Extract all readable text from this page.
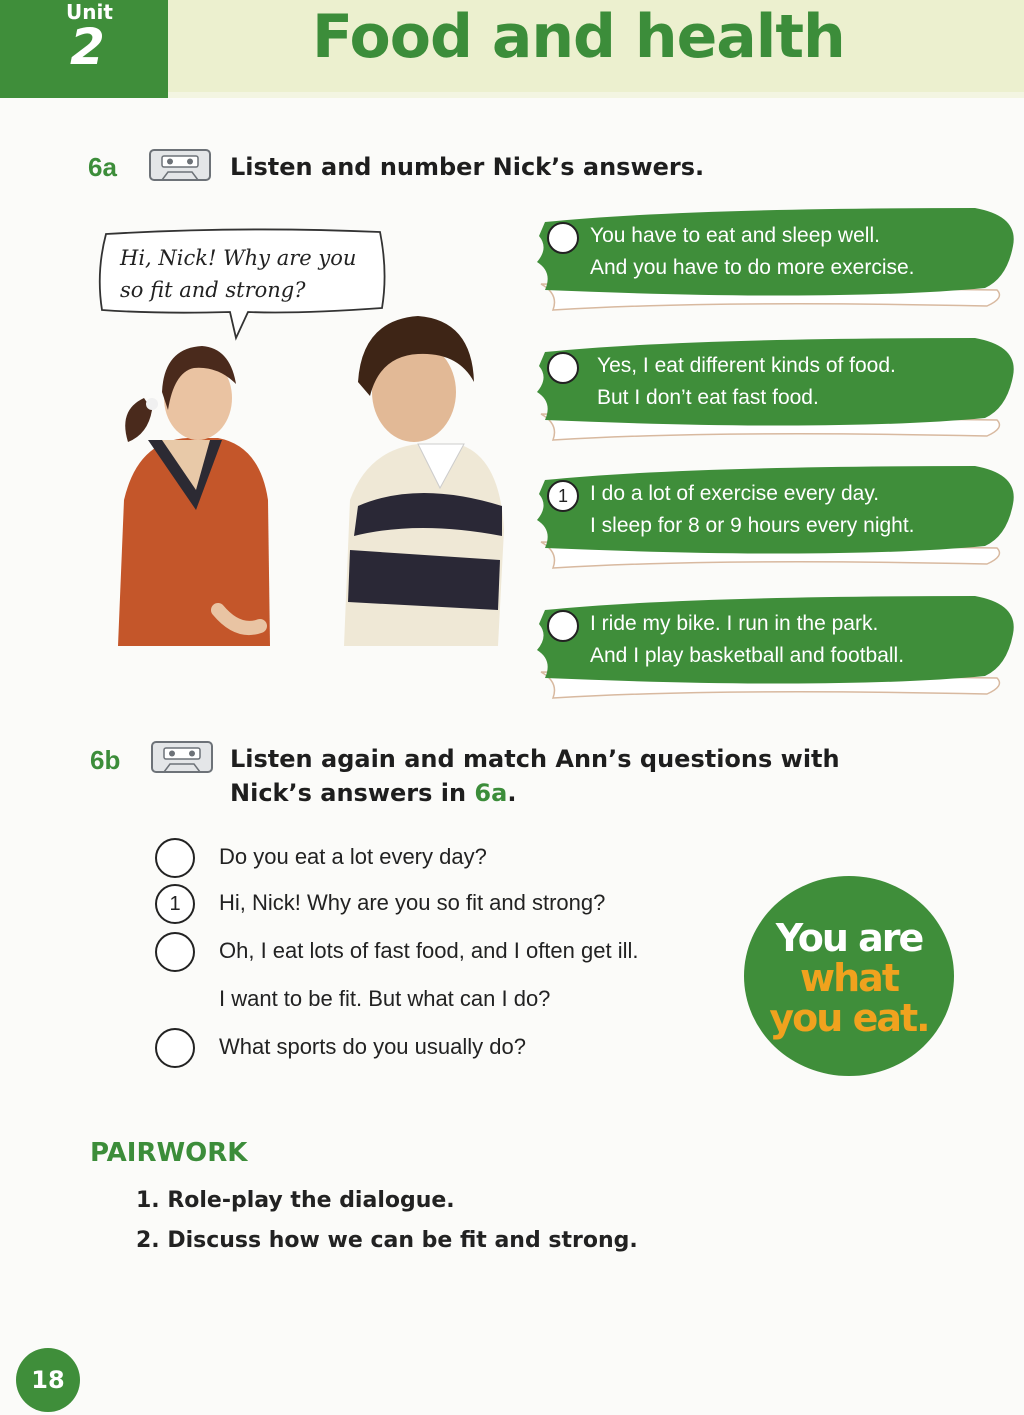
Unit
2	Food and health
6a	Listen and number Nick’s answers.
Hi, Nick! Why are you
so fit and strong?
You have to eat and sleep well.
And you have to do more exercise.
Yes, I eat different kinds of food.
But I don’t eat fast food.
1	I do a lot of exercise every day.
I sleep for 8 or 9 hours every night.
I ride my bike. I run in the park.
And I play basketball and football.
6b	Listen again and match Ann’s questions with
Nick’s answers in 6a.
Do you eat a lot every day?
1	Hi, Nick! Why are you so fit and strong?
Oh, I eat lots of fast food, and I often get ill.
I want to be fit. But what can I do?
What sports do you usually do?
You are
what
you eat.
PAIRWORK
1. Role-play the dialogue.
2. Discuss how we can be fit and strong.
18
